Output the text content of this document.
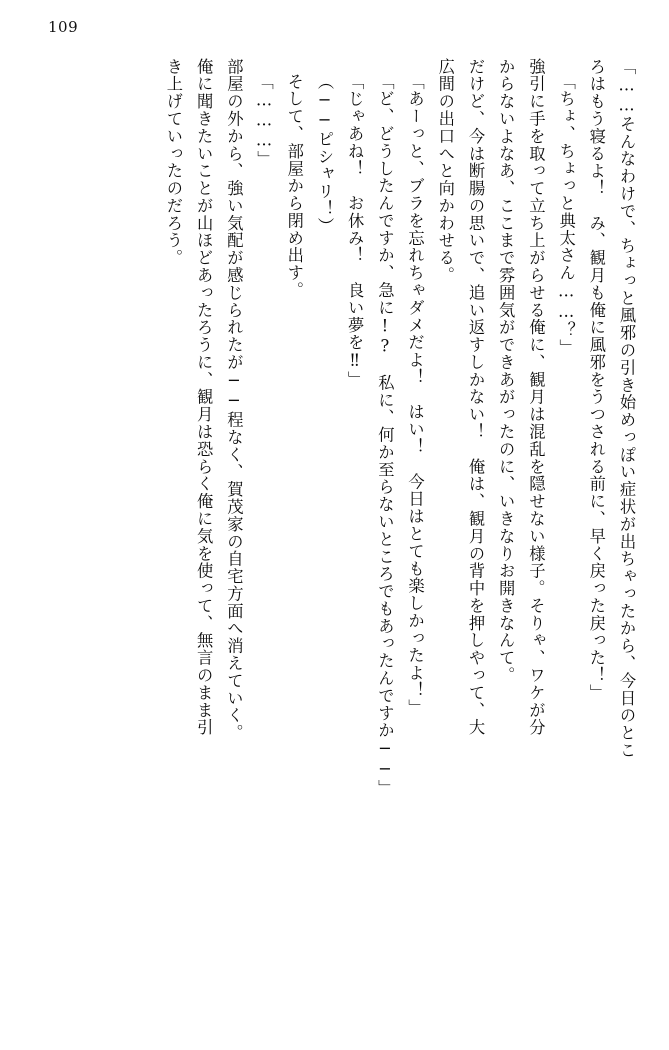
109
「……そんなわけで、ちょっと風邪の引き始めっぽい症状が出ちゃったから、今日のとこ
ろはもう寝るよ！　み、観月も俺に風邪をうつされる前に、早く戻った戻った！」
「ちょ、ちょっと典太さん……？」
強引に手を取って立ち上がらせる俺に、観月は混乱を隠せない様子。そりゃ、ワケが分
からないよなあ、ここまで雰囲気ができあがったのに、いきなりお開きなんて。
だけど、今は断腸の思いで、追い返すしかない！　俺は、観月の背中を押しやって、大
広間の出口へと向かわせる。
「あーっと、ブラを忘れちゃダメだよ！　はい！　今日はとても楽しかったよ！」
「ど、どうしたんですか、急に!?　私に、何か至らないところでもあったんですか──」
「じゃあね！　お休み！　良い夢を‼」
（──ピシャリ！）
そして、部屋から閉め出す。
「………」
部屋の外から、強い気配が感じられたが──程なく、賀茂家の自宅方面へ消えていく。
俺に聞きたいことが山ほどあったろうに、観月は恐らく俺に気を使って、無言のまま引
き上げていったのだろう。
